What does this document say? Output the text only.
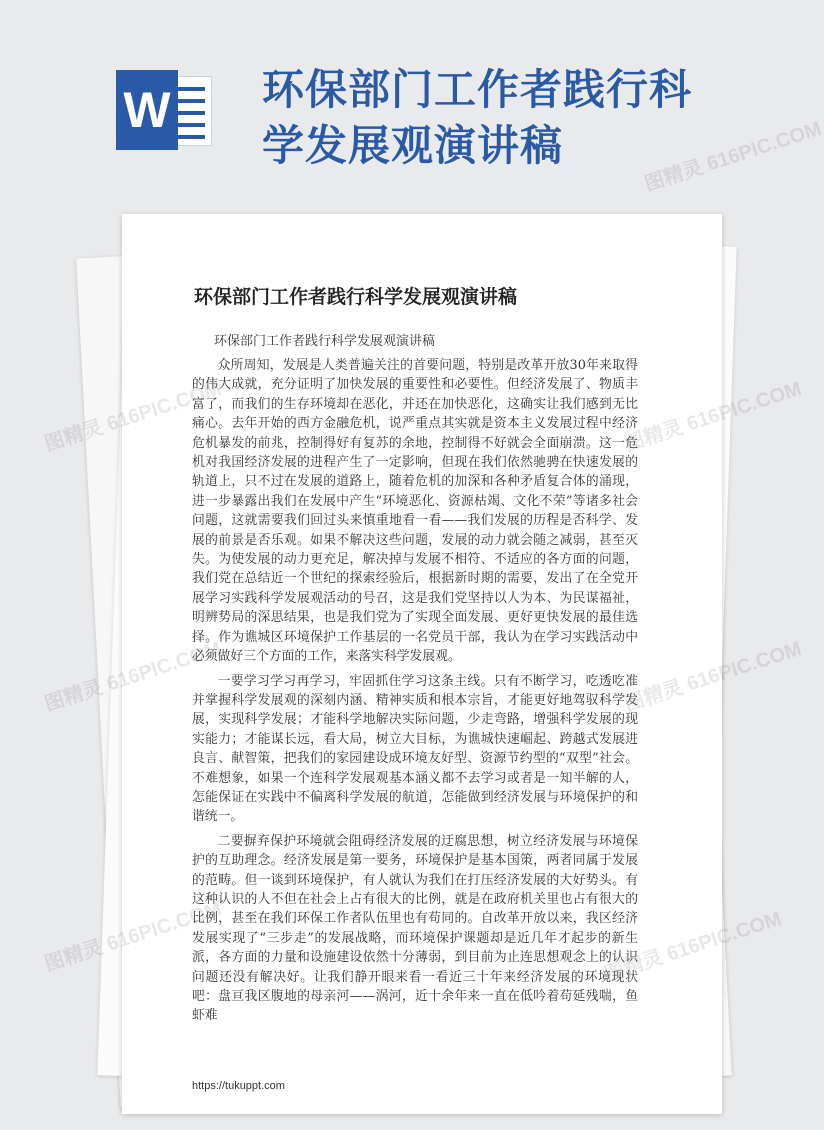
W 环保部门工作者践行科学发展观演讲稿
环保部门工作者践行科学发展观演讲稿
环保部门工作者践行科学发展观演讲稿

众所周知，发展是人类普遍关注的首要问题，特别是改革开放30年来取得的伟大成就，充分证明了加快发展的重要性和必要性。但经济发展了、物质丰富了，而我们的生存环境却在恶化，并还在加快恶化，这确实让我们感到无比痛心。去年开始的西方金融危机，说严重点其实就是资本主义发展过程中经济危机暴发的前兆，控制得好有复苏的余地，控制得不好就会全面崩溃。这一危机对我国经济发展的进程产生了一定影响，但现在我们依然驰骋在快速发展的轨道上，只不过在发展的道路上，随着危机的加深和各种矛盾复合体的涌现，进一步暴露出我们在发展中产生“环境恶化、资源枯竭、文化不荣”等诸多社会问题，这就需要我们回过头来慎重地看一看——我们发展的历程是否科学、发展的前景是否乐观。如果不解决这些问题，发展的动力就会随之减弱，甚至灭失。为使发展的动力更充足，解决掉与发展不相符、不适应的各方面的问题，我们党在总结近一个世纪的探索经验后，根据新时期的需要，发出了在全党开展学习实践科学发展观活动的号召，这是我们党坚持以人为本、为民谋福祉，明辨势局的深思结果，也是我们党为了实现全面发展、更好更快发展的最佳选择。作为谯城区环境保护工作基层的一名党员干部，我认为在学习实践活动中必须做好三个方面的工作，来落实科学发展观。

一要学习学习再学习，牢固抓住学习这条主线。只有不断学习，吃透吃准并掌握科学发展观的深刻内涵、精神实质和根本宗旨，才能更好地驾驭科学发展，实现科学发展；才能科学地解决实际问题，少走弯路，增强科学发展的现实能力；才能谋长远，看大局，树立大目标，为谯城快速崛起、跨越式发展进良言、献智策，把我们的家园建设成环境友好型、资源节约型的“双型”社会。不难想象，如果一个连科学发展观基本涵义都不去学习或者是一知半解的人，怎能保证在实践中不偏离科学发展的航道，怎能做到经济发展与环境保护的和谐统一。

二要摒弃保护环境就会阻碍经济发展的迂腐思想，树立经济发展与环境保护的互助理念。经济发展是第一要务，环境保护是基本国策，两者同属于发展的范畴。但一谈到环境保护，有人就认为我们在打压经济发展的大好势头。有这种认识的人不但在社会上占有很大的比例，就是在政府机关里也占有很大的比例，甚至在我们环保工作者队伍里也有苟同的。自改革开放以来，我区经济发展实现了“三步走”的发展战略，而环境保护课题却是近几年才起步的新生派，各方面的力量和设施建设依然十分薄弱，到目前为止连思想观念上的认识问题还没有解决好。让我们静开眼来看一看近三十年来经济发展的环境现状吧：盘亘我区腹地的母亲河——涡河，近十余年来一直在低吟着苟延残喘，鱼虾难

https://tukuppt.com
图精灵 616PIC.COM
616PIC.COM
图精灵
图精灵
616PIC.COM
图精灵
